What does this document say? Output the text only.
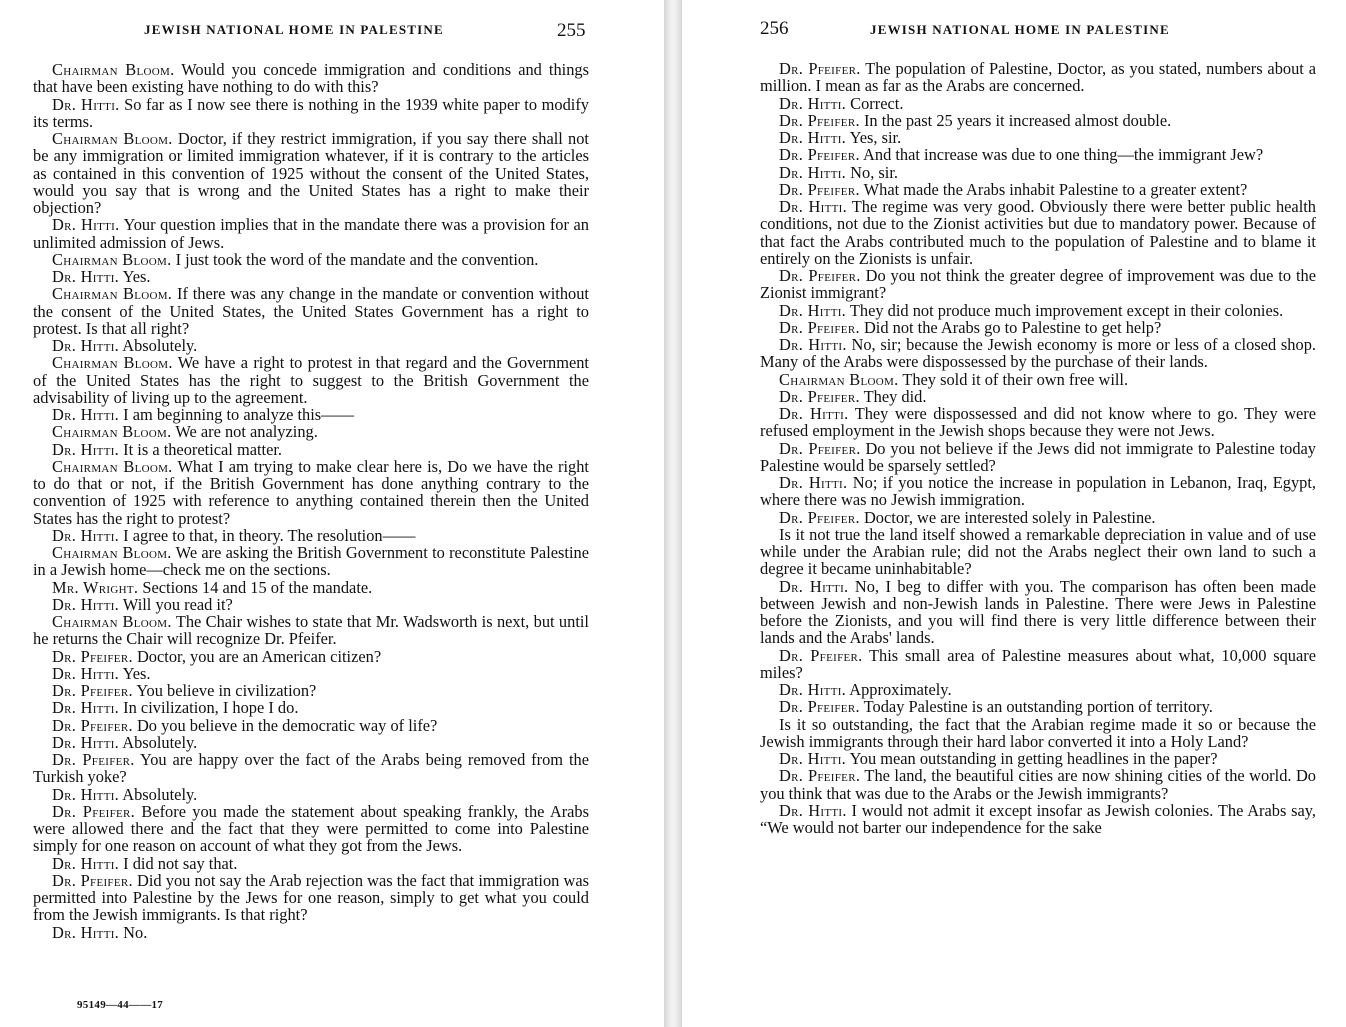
JEWISH NATIONAL HOME IN PALESTINE	255

Chairman Bloom. Would you concede immigration and conditions and things that have been existing have nothing to do with this?

Dr. Hitti. So far as I now see there is nothing in the 1939 white paper to modify its terms.

Chairman Bloom. Doctor, if they restrict immigration, if you say there shall not be any immigration or limited immigration whatever, if it is contrary to the articles as contained in this convention of 1925 without the consent of the United States, would you say that is wrong and the United States has a right to make their objection?

Dr. Hitti. Your question implies that in the mandate there was a provision for an unlimited admission of Jews.

Chairman Bloom. I just took the word of the mandate and the convention.

Dr. Hitti. Yes.

Chairman Bloom. If there was any change in the mandate or convention without the consent of the United States, the United States Government has a right to protest. Is that all right?

Dr. Hitti. Absolutely.

Chairman Bloom. We have a right to protest in that regard and the Government of the United States has the right to suggest to the British Government the advisability of living up to the agreement.

Dr. Hitti. I am beginning to analyze this——

Chairman Bloom. We are not analyzing.

Dr. Hitti. It is a theoretical matter.

Chairman Bloom. What I am trying to make clear here is, Do we have the right to do that or not, if the British Government has done anything contrary to the convention of 1925 with reference to anything contained therein then the United States has the right to protest?

Dr. Hitti. I agree to that, in theory. The resolution——

Chairman Bloom. We are asking the British Government to reconstitute Palestine in a Jewish home—check me on the sections.

Mr. Wright. Sections 14 and 15 of the mandate.

Dr. Hitti. Will you read it?

Chairman Bloom. The Chair wishes to state that Mr. Wadsworth is next, but until he returns the Chair will recognize Dr. Pfeifer.

Dr. Pfeifer. Doctor, you are an American citizen?

Dr. Hitti. Yes.

Dr. Pfeifer. You believe in civilization?

Dr. Hitti. In civilization, I hope I do.

Dr. Pfeifer. Do you believe in the democratic way of life?

Dr. Hitti. Absolutely.

Dr. Pfeifer. You are happy over the fact of the Arabs being removed from the Turkish yoke?

Dr. Hitti. Absolutely.

Dr. Pfeifer. Before you made the statement about speaking frankly, the Arabs were allowed there and the fact that they were permitted to come into Palestine simply for one reason on account of what they got from the Jews.

Dr. Hitti. I did not say that.

Dr. Pfeifer. Did you not say the Arab rejection was the fact that immigration was permitted into Palestine by the Jews for one reason, simply to get what you could from the Jewish immigrants. Is that right?

Dr. Hitti. No.

95149—44——17
256	JEWISH NATIONAL HOME IN PALESTINE

Dr. Pfeifer. The population of Palestine, Doctor, as you stated, numbers about a million. I mean as far as the Arabs are concerned.

Dr. Hitti. Correct.

Dr. Pfeifer. In the past 25 years it increased almost double.

Dr. Hitti. Yes, sir.

Dr. Pfeifer. And that increase was due to one thing—the immigrant Jew?

Dr. Hitti. No, sir.

Dr. Pfeifer. What made the Arabs inhabit Palestine to a greater extent?

Dr. Hitti. The regime was very good. Obviously there were better public health conditions, not due to the Zionist activities but due to mandatory power. Because of that fact the Arabs contributed much to the population of Palestine and to blame it entirely on the Zionists is unfair.

Dr. Pfeifer. Do you not think the greater degree of improvement was due to the Zionist immigrant?

Dr. Hitti. They did not produce much improvement except in their colonies.

Dr. Pfeifer. Did not the Arabs go to Palestine to get help?

Dr. Hitti. No, sir; because the Jewish economy is more or less of a closed shop. Many of the Arabs were dispossessed by the purchase of their lands.

Chairman Bloom. They sold it of their own free will.

Dr. Pfeifer. They did.

Dr. Hitti. They were dispossessed and did not know where to go. They were refused employment in the Jewish shops because they were not Jews.

Dr. Pfeifer. Do you not believe if the Jews did not immigrate to Palestine today Palestine would be sparsely settled?

Dr. Hitti. No; if you notice the increase in population in Lebanon, Iraq, Egypt, where there was no Jewish immigration.

Dr. Pfeifer. Doctor, we are interested solely in Palestine.

Is it not true the land itself showed a remarkable depreciation in value and of use while under the Arabian rule; did not the Arabs neglect their own land to such a degree it became uninhabitable?

Dr. Hitti. No, I beg to differ with you. The comparison has often been made between Jewish and non-Jewish lands in Palestine. There were Jews in Palestine before the Zionists, and you will find there is very little difference between their lands and the Arabs' lands.

Dr. Pfeifer. This small area of Palestine measures about what, 10,000 square miles?

Dr. Hitti. Approximately.

Dr. Pfeifer. Today Palestine is an outstanding portion of territory.

Is it so outstanding, the fact that the Arabian regime made it so or because the Jewish immigrants through their hard labor converted it into a Holy Land?

Dr. Hitti. You mean outstanding in getting headlines in the paper?

Dr. Pfeifer. The land, the beautiful cities are now shining cities of the world. Do you think that was due to the Arabs or the Jewish immigrants?

Dr. Hitti. I would not admit it except insofar as Jewish colonies. The Arabs say, “We would not barter our independence for the sake
